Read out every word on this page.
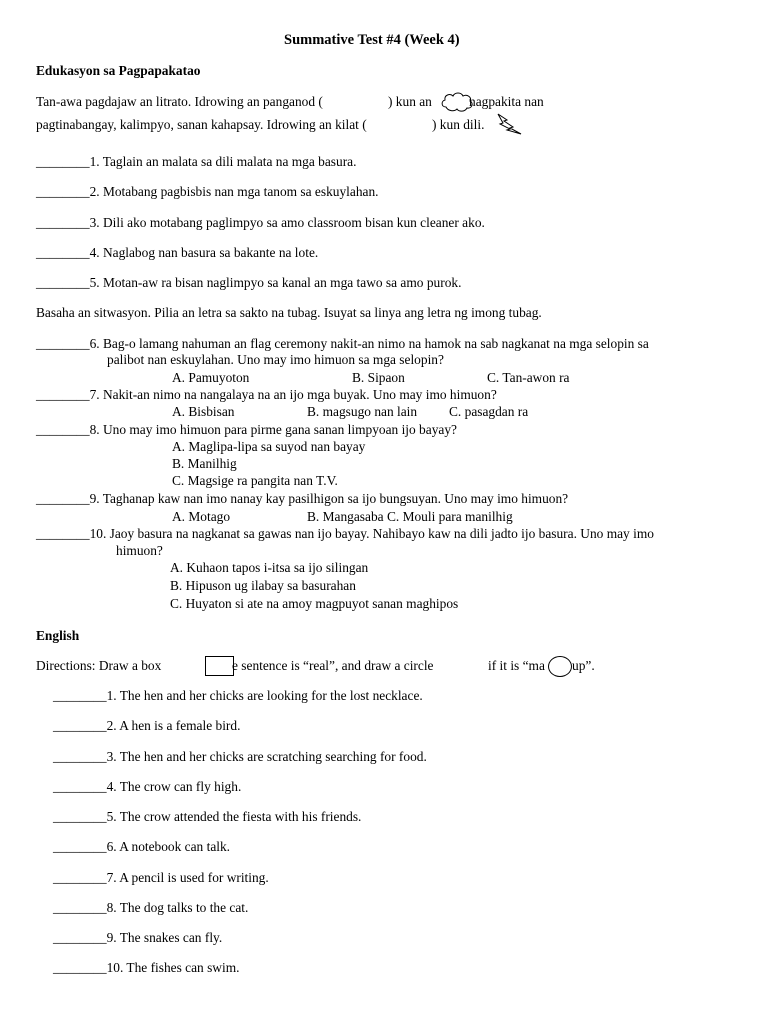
Summative Test #4 (Week 4)
Edukasyon sa Pagpapakatao
Tan-awa pagdajaw an litrato. Idrowing an panganod (	) kun an	nagpakita nan
pagtinabangay, kalimpyo, sanan kahapsay. Idrowing an kilat (	) kun dili.
________1. Taglain an malata sa dili malata na mga basura.
________2. Motabang pagbisbis nan mga tanom sa eskuylahan.
________3. Dili ako motabang paglimpyo sa amo classroom bisan kun cleaner ako.
________4. Naglabog nan basura sa bakante na lote.
________5. Motan-aw ra bisan naglimpyo sa kanal an mga tawo sa amo purok.
Basaha an sitwasyon. Pilia an letra sa sakto na tubag. Isuyat sa linya ang letra ng imong tubag.
________6. Bag-o lamang nahuman an flag ceremony nakit-an nimo na hamok na sab nagkanat na mga selopin sa
palibot nan eskuylahan. Uno may imo himuon sa mga selopin?
A. Pamuyoton	B. Sipaon	C. Tan-awon ra
________7. Nakit-an nimo na nangalaya na an ijo mga buyak. Uno may imo himuon?
A. Bisbisan	B. magsugo nan lain C. pasagdan ra
________8. Uno may imo himuon para pirme gana sanan limpyoan ijo bayay?
A. Maglipa-lipa sa suyod nan bayay
B. Manilhig
C. Magsige ra pangita nan T.V.
________9. Taghanap kaw nan imo nanay kay pasilhigon sa ijo bungsuyan. Uno may imo himuon?
A. Motago	B. Mangasaba C. Mouli para manilhig
________10. Jaoy basura na nagkanat sa gawas nan ijo bayay. Nahibayo kaw na dili jadto ijo basura. Uno may imo
himuon?
A. Kuhaon tapos i-itsa sa ijo silingan
B. Hipuson ug ilabay sa basurahan
C. Huyaton si ate na amoy magpuyot sanan maghipos
English
Directions: Draw a box	e sentence is “real”, and draw a circle	if it is “ma up”.
________1. The hen and her chicks are looking for the lost necklace.
________2. A hen is a female bird.
________3. The hen and her chicks are scratching searching for food.
________4. The crow can fly high.
________5. The crow attended the fiesta with his friends.
________6. A notebook can talk.
________7. A pencil is used for writing.
________8. The dog talks to the cat.
________9. The snakes can fly.
________10. The fishes can swim.
